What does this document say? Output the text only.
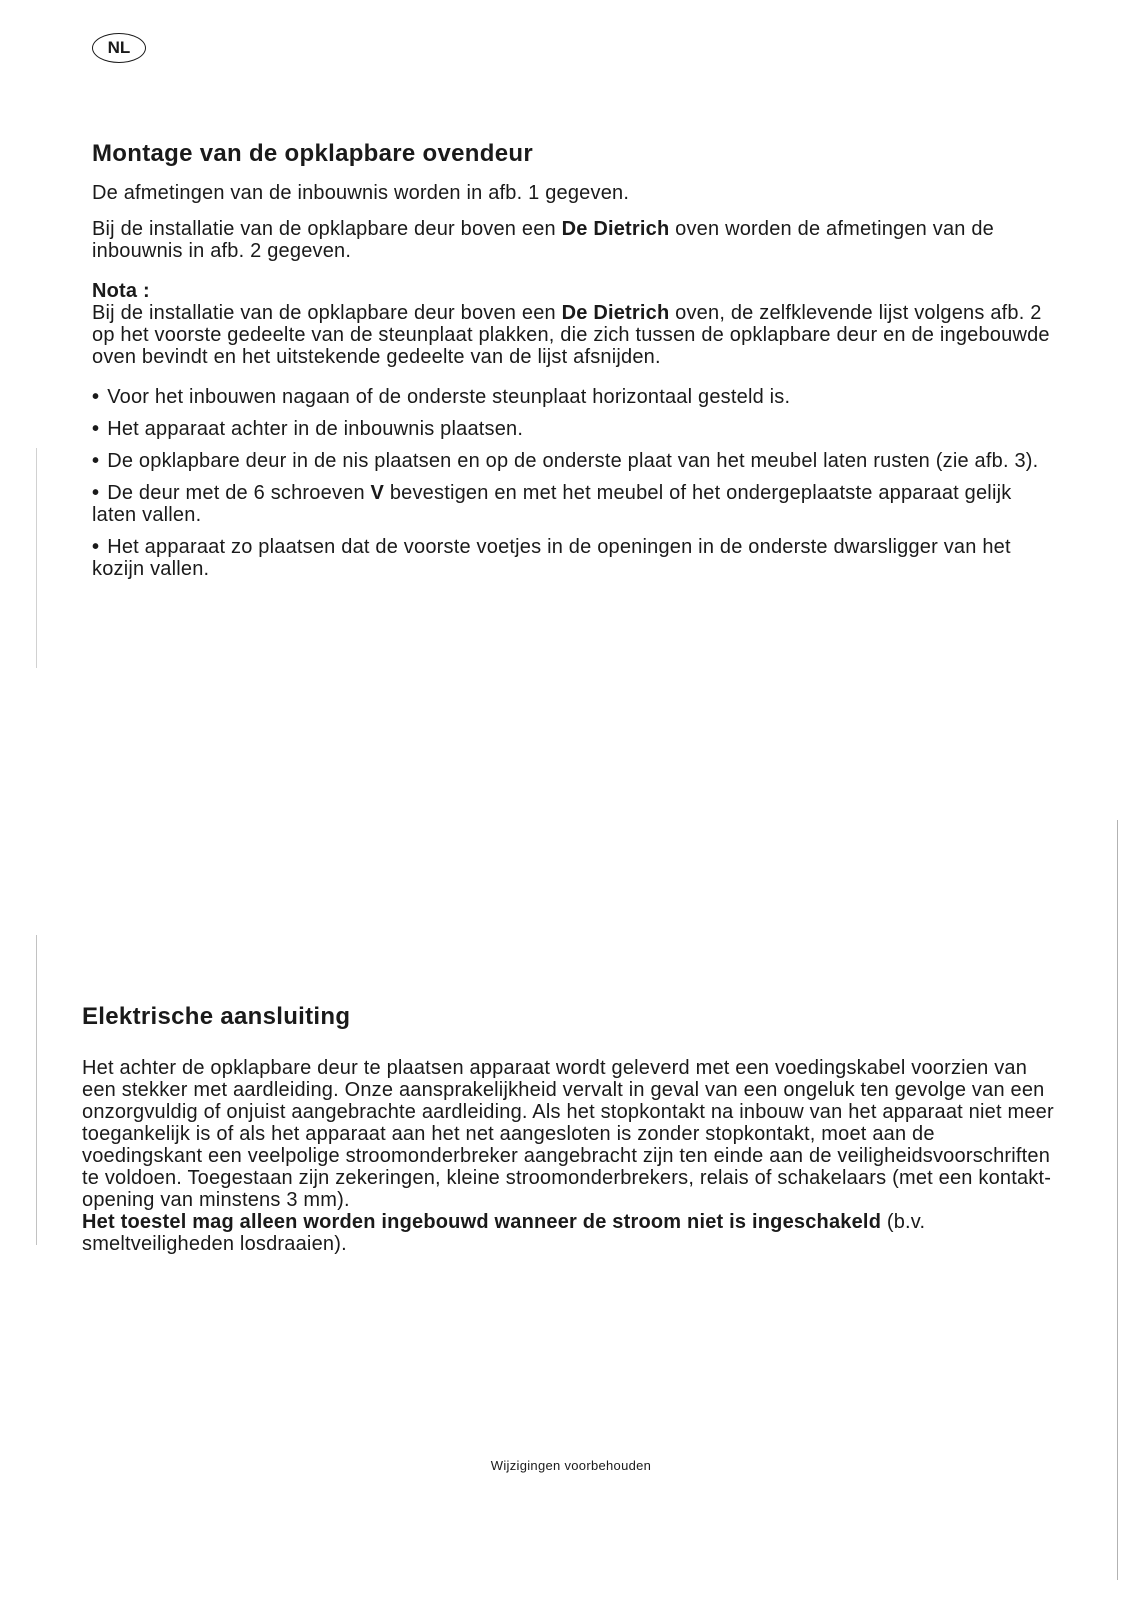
NL
Montage van de opklapbare ovendeur

De afmetingen van de inbouwnis worden in afb. 1 gegeven.

Bij de installatie van de opklapbare deur boven een De Dietrich oven worden de afmetingen van de inbouwnis in afb. 2 gegeven.

Nota :
Bij de installatie van de opklapbare deur boven een De Dietrich oven, de zelfklevende lijst volgens afb. 2 op het voorste gedeelte van de steunplaat plakken, die zich tussen de opklapbare deur en de ingebouwde oven bevindt en het uitstekende gedeelte van de lijst afsnijden.

• Voor het inbouwen nagaan of de onderste steunplaat horizontaal gesteld is.
• Het apparaat achter in de inbouwnis plaatsen.
• De opklapbare deur in de nis plaatsen en op de onderste plaat van het meubel laten rusten (zie afb. 3).
• De deur met de 6 schroeven V bevestigen en met het meubel of het ondergeplaatste apparaat gelijk laten vallen.
• Het apparaat zo plaatsen dat de voorste voetjes in de openingen in de onderste dwarsligger van het kozijn vallen.
Elektrische aansluiting

Het achter de opklapbare deur te plaatsen apparaat wordt geleverd met een voedingskabel voorzien van een stekker met aardleiding. Onze aansprakelijkheid vervalt in geval van een ongeluk ten gevolge van een onzorgvuldig of onjuist aangebrachte aardleiding. Als het stopkontakt na inbouw van het apparaat niet meer toegankelijk is of als het apparaat aan het net aangesloten is zonder stopkontakt, moet aan de voedingskant een veelpolige stroomonderbreker aangebracht zijn ten einde aan de veiligheidsvoorschriften te voldoen. Toegestaan zijn zekeringen, kleine stroomonderbrekers, relais of schakelaars (met een kontakt-opening van minstens 3 mm).

Het toestel mag alleen worden ingebouwd wanneer de stroom niet is ingeschakeld (b.v. smeltveiligheden losdraaien).

Wijzigingen voorbehouden
